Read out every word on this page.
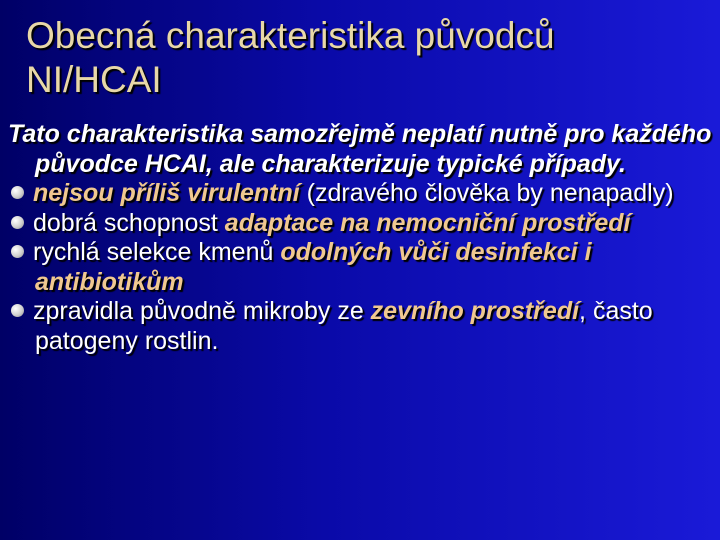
Obecná charakteristika původců
NI/HCAI
Tato charakteristika samozřejmě neplatí nutně pro každého původce HCAI, ale charakterizuje typické případy.
nejsou příliš virulentní (zdravého člověka by nenapadly)
dobrá schopnost adaptace na nemocniční prostředí
rychlá selekce kmenů odolných vůči desinfekci i antibiotikům
zpravidla původně mikroby ze zevního prostředí, často patogeny rostlin.
